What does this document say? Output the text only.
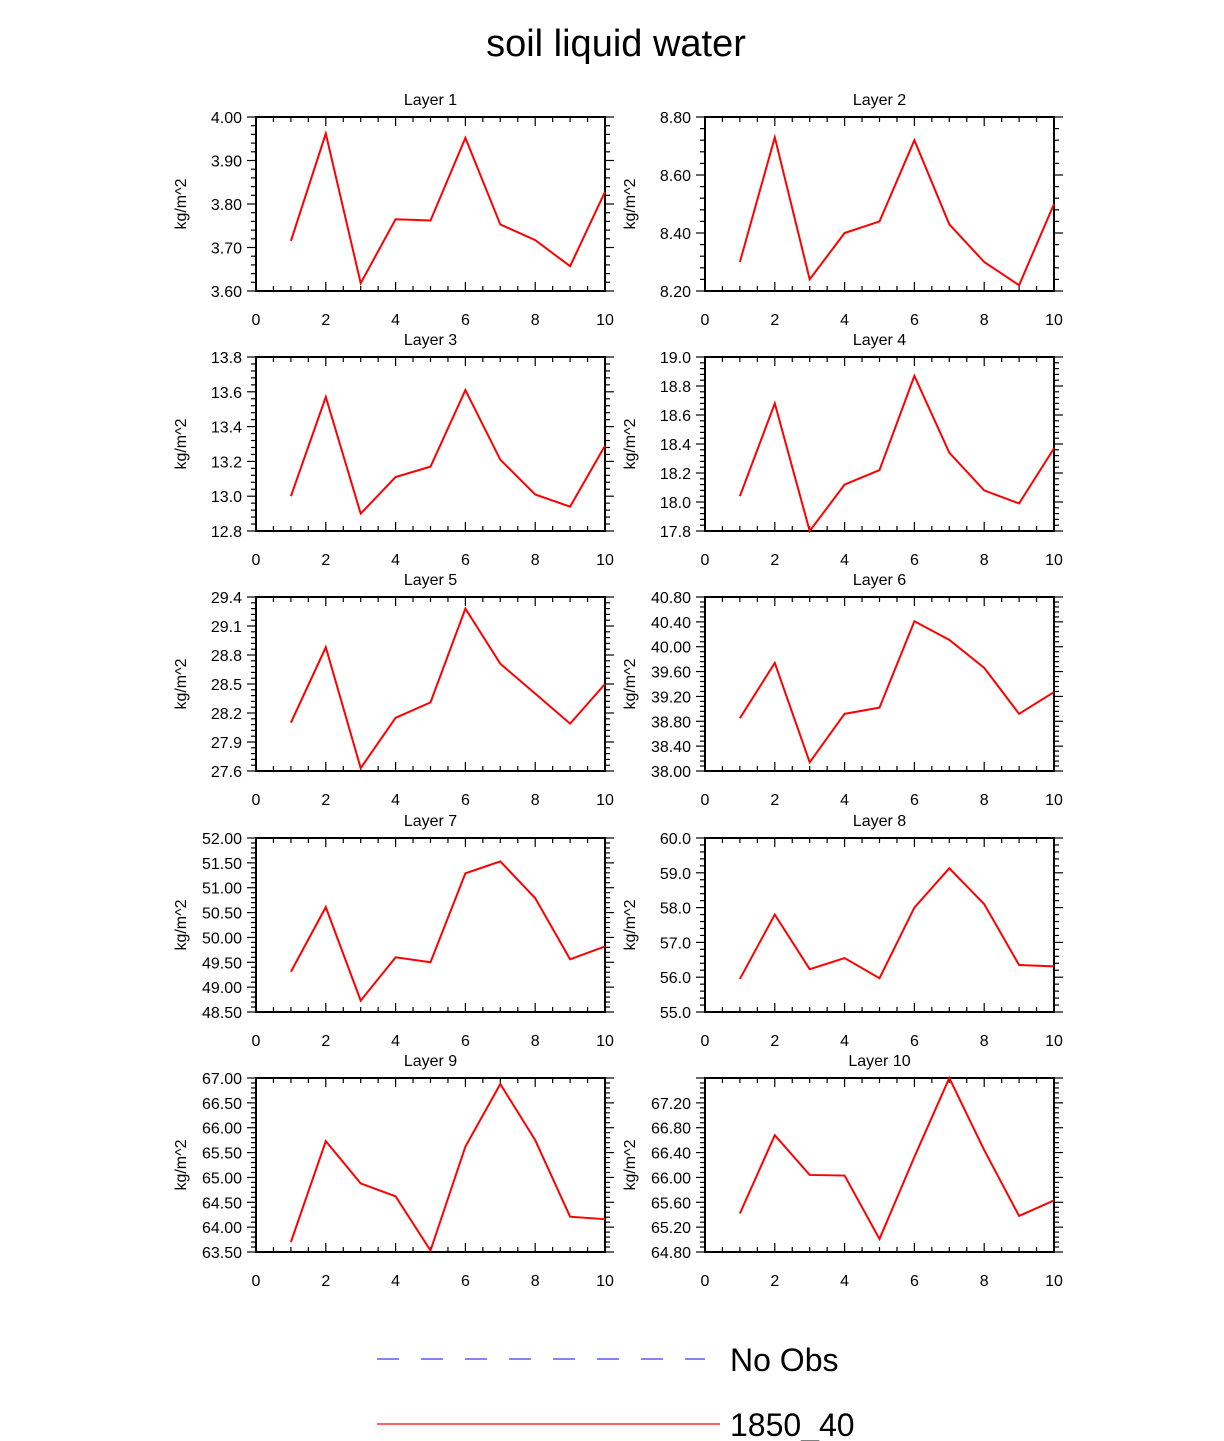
soil liquid water
Layer 1
0	2	4	6	8	10
3.60
3.70
3.80
3.90
4.00
kg/m^2
Layer 2
0	2	4	6	8	10
8.20
8.40
8.60
8.80
kg/m^2
Layer 3
0	2	4	6	8	10
12.8
13.0
13.2
13.4
13.6
13.8
kg/m^2
Layer 4
0	2	4	6	8	10
17.8
18.0
18.2
18.4
18.6
18.8
19.0
kg/m^2
Layer 5
0	2	4	6	8	10
27.6
27.9
28.2
28.5
28.8
29.1
29.4
kg/m^2
Layer 6
0	2	4	6	8	10
38.00
38.40
38.80
39.20
39.60
40.00
40.40
40.80
kg/m^2
Layer 7
0	2	4	6	8	10
48.50
49.00
49.50
50.00
50.50
51.00
51.50
52.00
kg/m^2
Layer 8
0	2	4	6	8	10
55.0
56.0
57.0
58.0
59.0
60.0
kg/m^2
Layer 9
0	2	4	6	8	10
63.50
64.00
64.50
65.00
65.50
66.00
66.50
67.00
kg/m^2
Layer 10
0	2	4	6	8	10
64.80
65.20
65.60
66.00
66.40
66.80
67.20
kg/m^2
No Obs
1850_40
